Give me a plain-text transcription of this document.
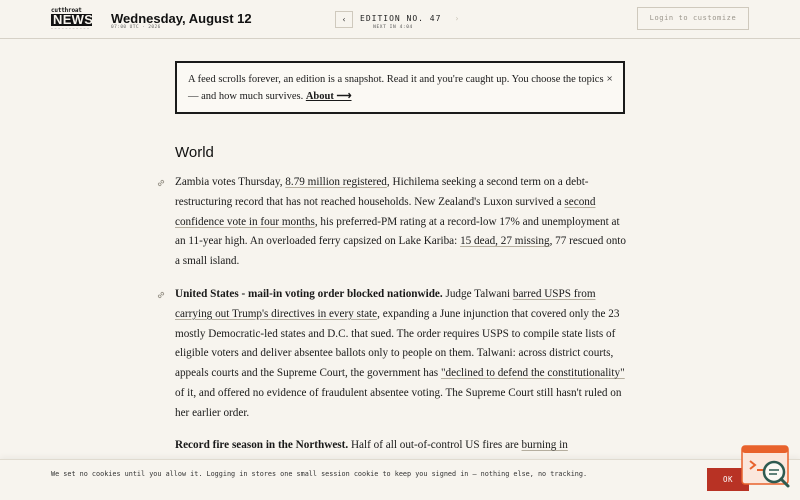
cutthroat
NEWS
— — — — — — — — — — —
Wednesday, August 12
07:00 UTC · 2026
‹	EDITION NO. 47
NEXT IN 4:04
›	Login to customize
A feed scrolls forever, an edition is a snapshot. Read it and you're caught up. You choose the topics — and how much survives. About ⟶
×
World
Zambia votes Thursday, 8.79 million registered, Hichilema seeking a second term on a debt-restructuring record that has not reached households. New Zealand's Luxon survived a second confidence vote in four months, his preferred-PM rating at a record-low 17% and unemployment at an 11-year high. An overloaded ferry capsized on Lake Kariba: 15 dead, 27 missing, 77 rescued onto a small island.
United States - mail-in voting order blocked nationwide. Judge Talwani barred USPS from carrying out Trump's directives in every state, expanding a June injunction that covered only the 23 mostly Democratic-led states and D.C. that sued. The order requires USPS to compile state lists of eligible voters and deliver absentee ballots only to people on them. Talwani: across district courts, appeals courts and the Supreme Court, the government has "declined to defend the constitutionality" of it, and offered no evidence of fraudulent absentee voting. The Supreme Court still hasn't ruled on her earlier order.
Record fire season in the Northwest. Half of all out-of-control US fires are burning in
We set no cookies until you allow it. Logging in stores one small session cookie to keep you signed in — nothing else, no tracking.
OK
